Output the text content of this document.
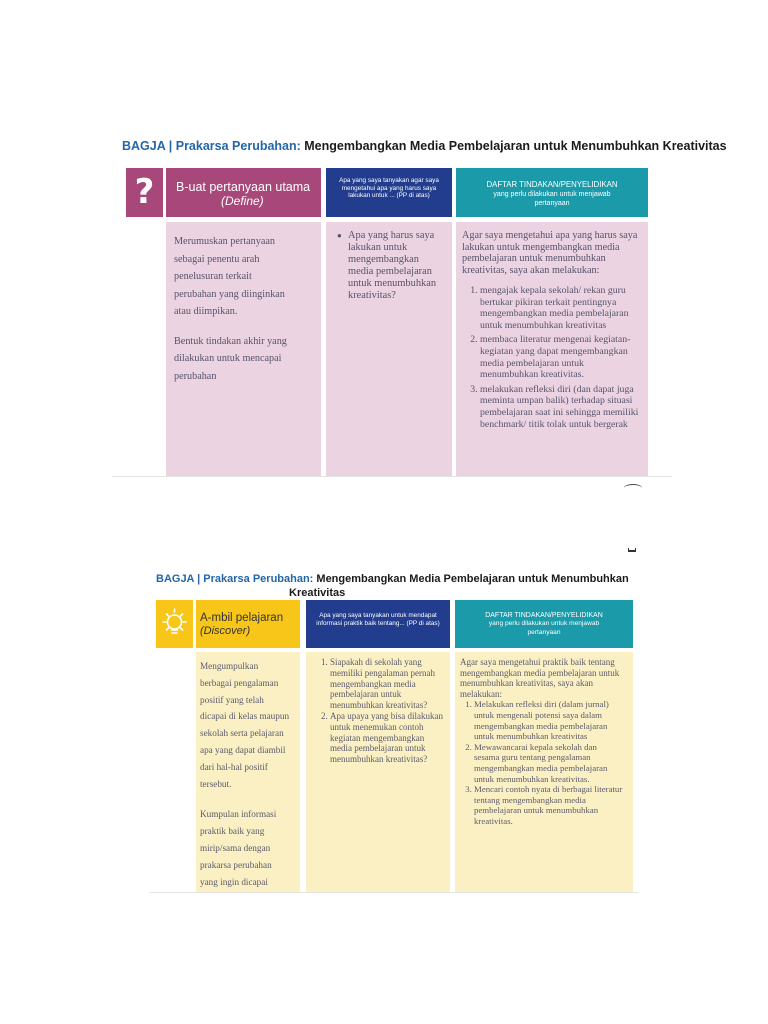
BAGJA | Prakarsa Perubahan: Mengembangkan Media Pembelajaran untuk Menumbuhkan Kreativitas
?	B-uat pertanyaan utama
(Define)
Apa yang saya tanyakan agar saya mengetahui apa yang harus saya lakukan untuk ... (PP di atas)
DAFTAR TINDAKAN/PENYELIDIKAN
yang perlu dilakukan untuk menjawab pertanyaan
Merumuskan pertanyaan sebagai penentu arah penelusuran terkait perubahan yang diinginkan atau diimpikan.
Bentuk tindakan akhir yang dilakukan untuk mencapai perubahan
● Apa yang harus saya lakukan untuk mengembangkan media pembelajaran untuk menumbuhkan kreativitas?
Agar saya mengetahui apa yang harus saya lakukan untuk mengembangkan media pembelajaran untuk menumbuhkan kreativitas, saya akan melakukan:
1. mengajak kepala sekolah/ rekan guru bertukar pikiran terkait pentingnya mengembangkan media pembelajaran untuk menumbuhkan kreativitas
2. membaca literatur mengenai kegiatan-kegiatan yang dapat mengembangkan media pembelajaran untuk menumbuhkan kreativitas.
3. melakukan refleksi diri (dan dapat juga meminta umpan balik) terhadap situasi pembelajaran saat ini sehingga memiliki benchmark/ titik tolak untuk bergerak
BAGJA | Prakarsa Perubahan: Mengembangkan Media Pembelajaran untuk Menumbuhkan
Kreativitas
A-mbil pelajaran
(Discover)
Apa yang saya tanyakan untuk mendapat informasi praktik baik tentang... (PP di atas)
DAFTAR TINDAKAN/PENYELIDIKAN
yang perlu dilakukan untuk menjawab pertanyaan
Mengumpulkan berbagai pengalaman positif yang telah dicapai di kelas maupun sekolah serta pelajaran apa yang dapat diambil dari hal-hal positif tersebut.
Kumpulan informasi praktik baik yang mirip/sama dengan prakarsa perubahan yang ingin dicapai
1. Siapakah di sekolah yang memiliki pengalaman pernah mengembangkan media pembelajaran untuk menumbuhkan kreativitas?
2. Apa upaya yang bisa dilakukan untuk menemukan contoh kegiatan mengembangkan media pembelajaran untuk menumbuhkan kreativitas?
Agar saya mengetahui praktik baik tentang mengembangkan media pembelajaran untuk menumbuhkan kreativitas, saya akan melakukan:
1. Melakukan refleksi diri (dalam jurnal) untuk mengenali potensi saya dalam mengembangkan media pembelajaran untuk menumbuhkan kreativitas
2. Mewawancarai kepala sekolah dan sesama guru tentang pengalaman mengembangkan media pembelajaran untuk menumbuhkan kreativitas.
3. Mencari contoh nyata di berbagai literatur tentang mengembangkan media pembelajaran untuk menumbuhkan kreativitas.
